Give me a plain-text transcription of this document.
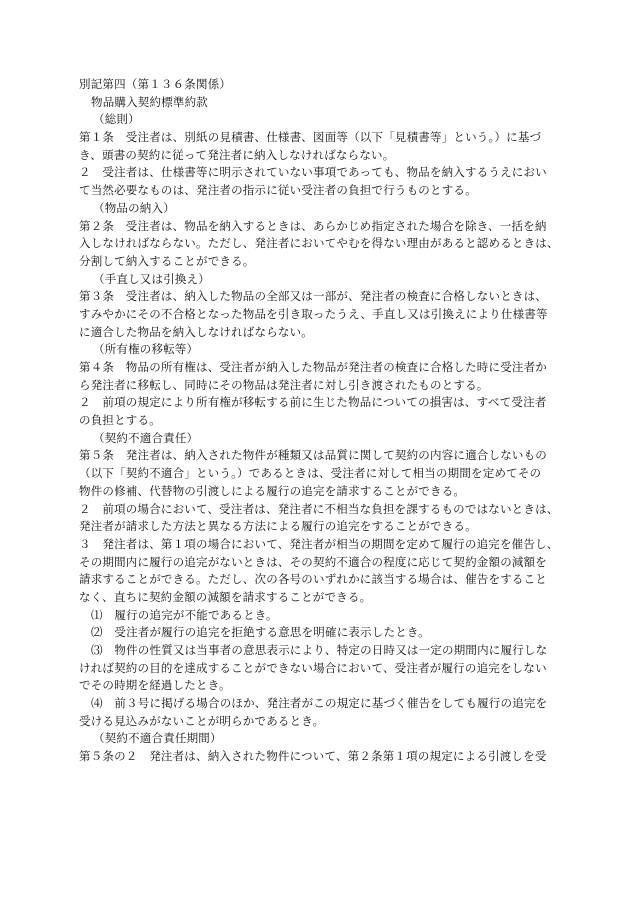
別記第四（第１３６条関係）
物品購入契約標準約款
（総則）
第１条　受注者は、別紙の見積書、仕様書、図面等（以下「見積書等」という。）に基づ
き、頭書の契約に従って発注者に納入しなければならない。
２　受注者は、仕様書等に明示されていない事項であっても、物品を納入するうえにおい
て当然必要なものは、発注者の指示に従い受注者の負担で行うものとする。
（物品の納入）
第２条　受注者は、物品を納入するときは、あらかじめ指定された場合を除き、一括を納
入しなければならない。ただし、発注者においてやむを得ない理由があると認めるときは、
分割して納入することができる。
（手直し又は引換え）
第３条　受注者は、納入した物品の全部又は一部が、発注者の検査に合格しないときは、
すみやかにその不合格となった物品を引き取ったうえ、手直し又は引換えにより仕様書等
に適合した物品を納入しなければならない。
（所有権の移転等）
第４条　物品の所有権は、受注者が納入した物品が発注者の検査に合格した時に受注者か
ら発注者に移転し、同時にその物品は発注者に対し引き渡されたものとする。
２　前項の規定により所有権が移転する前に生じた物品についての損害は、すべて受注者
の負担とする。
（契約不適合責任）
第５条　発注者は、納入された物件が種類又は品質に関して契約の内容に適合しないもの
（以下「契約不適合」という。）であるときは、受注者に対して相当の期間を定めてその
物件の修補、代替物の引渡しによる履行の追完を請求することができる。
２　前項の場合において、受注者は、発注者に不相当な負担を課するものではないときは、
発注者が請求した方法と異なる方法による履行の追完をすることができる。
３　発注者は、第１項の場合において、発注者が相当の期間を定めて履行の追完を催告し、
その期間内に履行の追完がないときは、その契約不適合の程度に応じて契約金額の減額を
請求することができる。ただし、次の各号のいずれかに該当する場合は、催告をすること
なく、直ちに契約金額の減額を請求することができる。
⑴　履行の追完が不能であるとき。
⑵　受注者が履行の追完を拒絶する意思を明確に表示したとき。
⑶　物件の性質又は当事者の意思表示により、特定の日時又は一定の期間内に履行しな
ければ契約の目的を達成することができない場合において、受注者が履行の追完をしない
でその時期を経過したとき。
⑷　前３号に掲げる場合のほか、発注者がこの規定に基づく催告をしても履行の追完を
受ける見込みがないことが明らかであるとき。
（契約不適合責任期間）
第５条の２　発注者は、納入された物件について、第２条第１項の規定による引渡しを受
